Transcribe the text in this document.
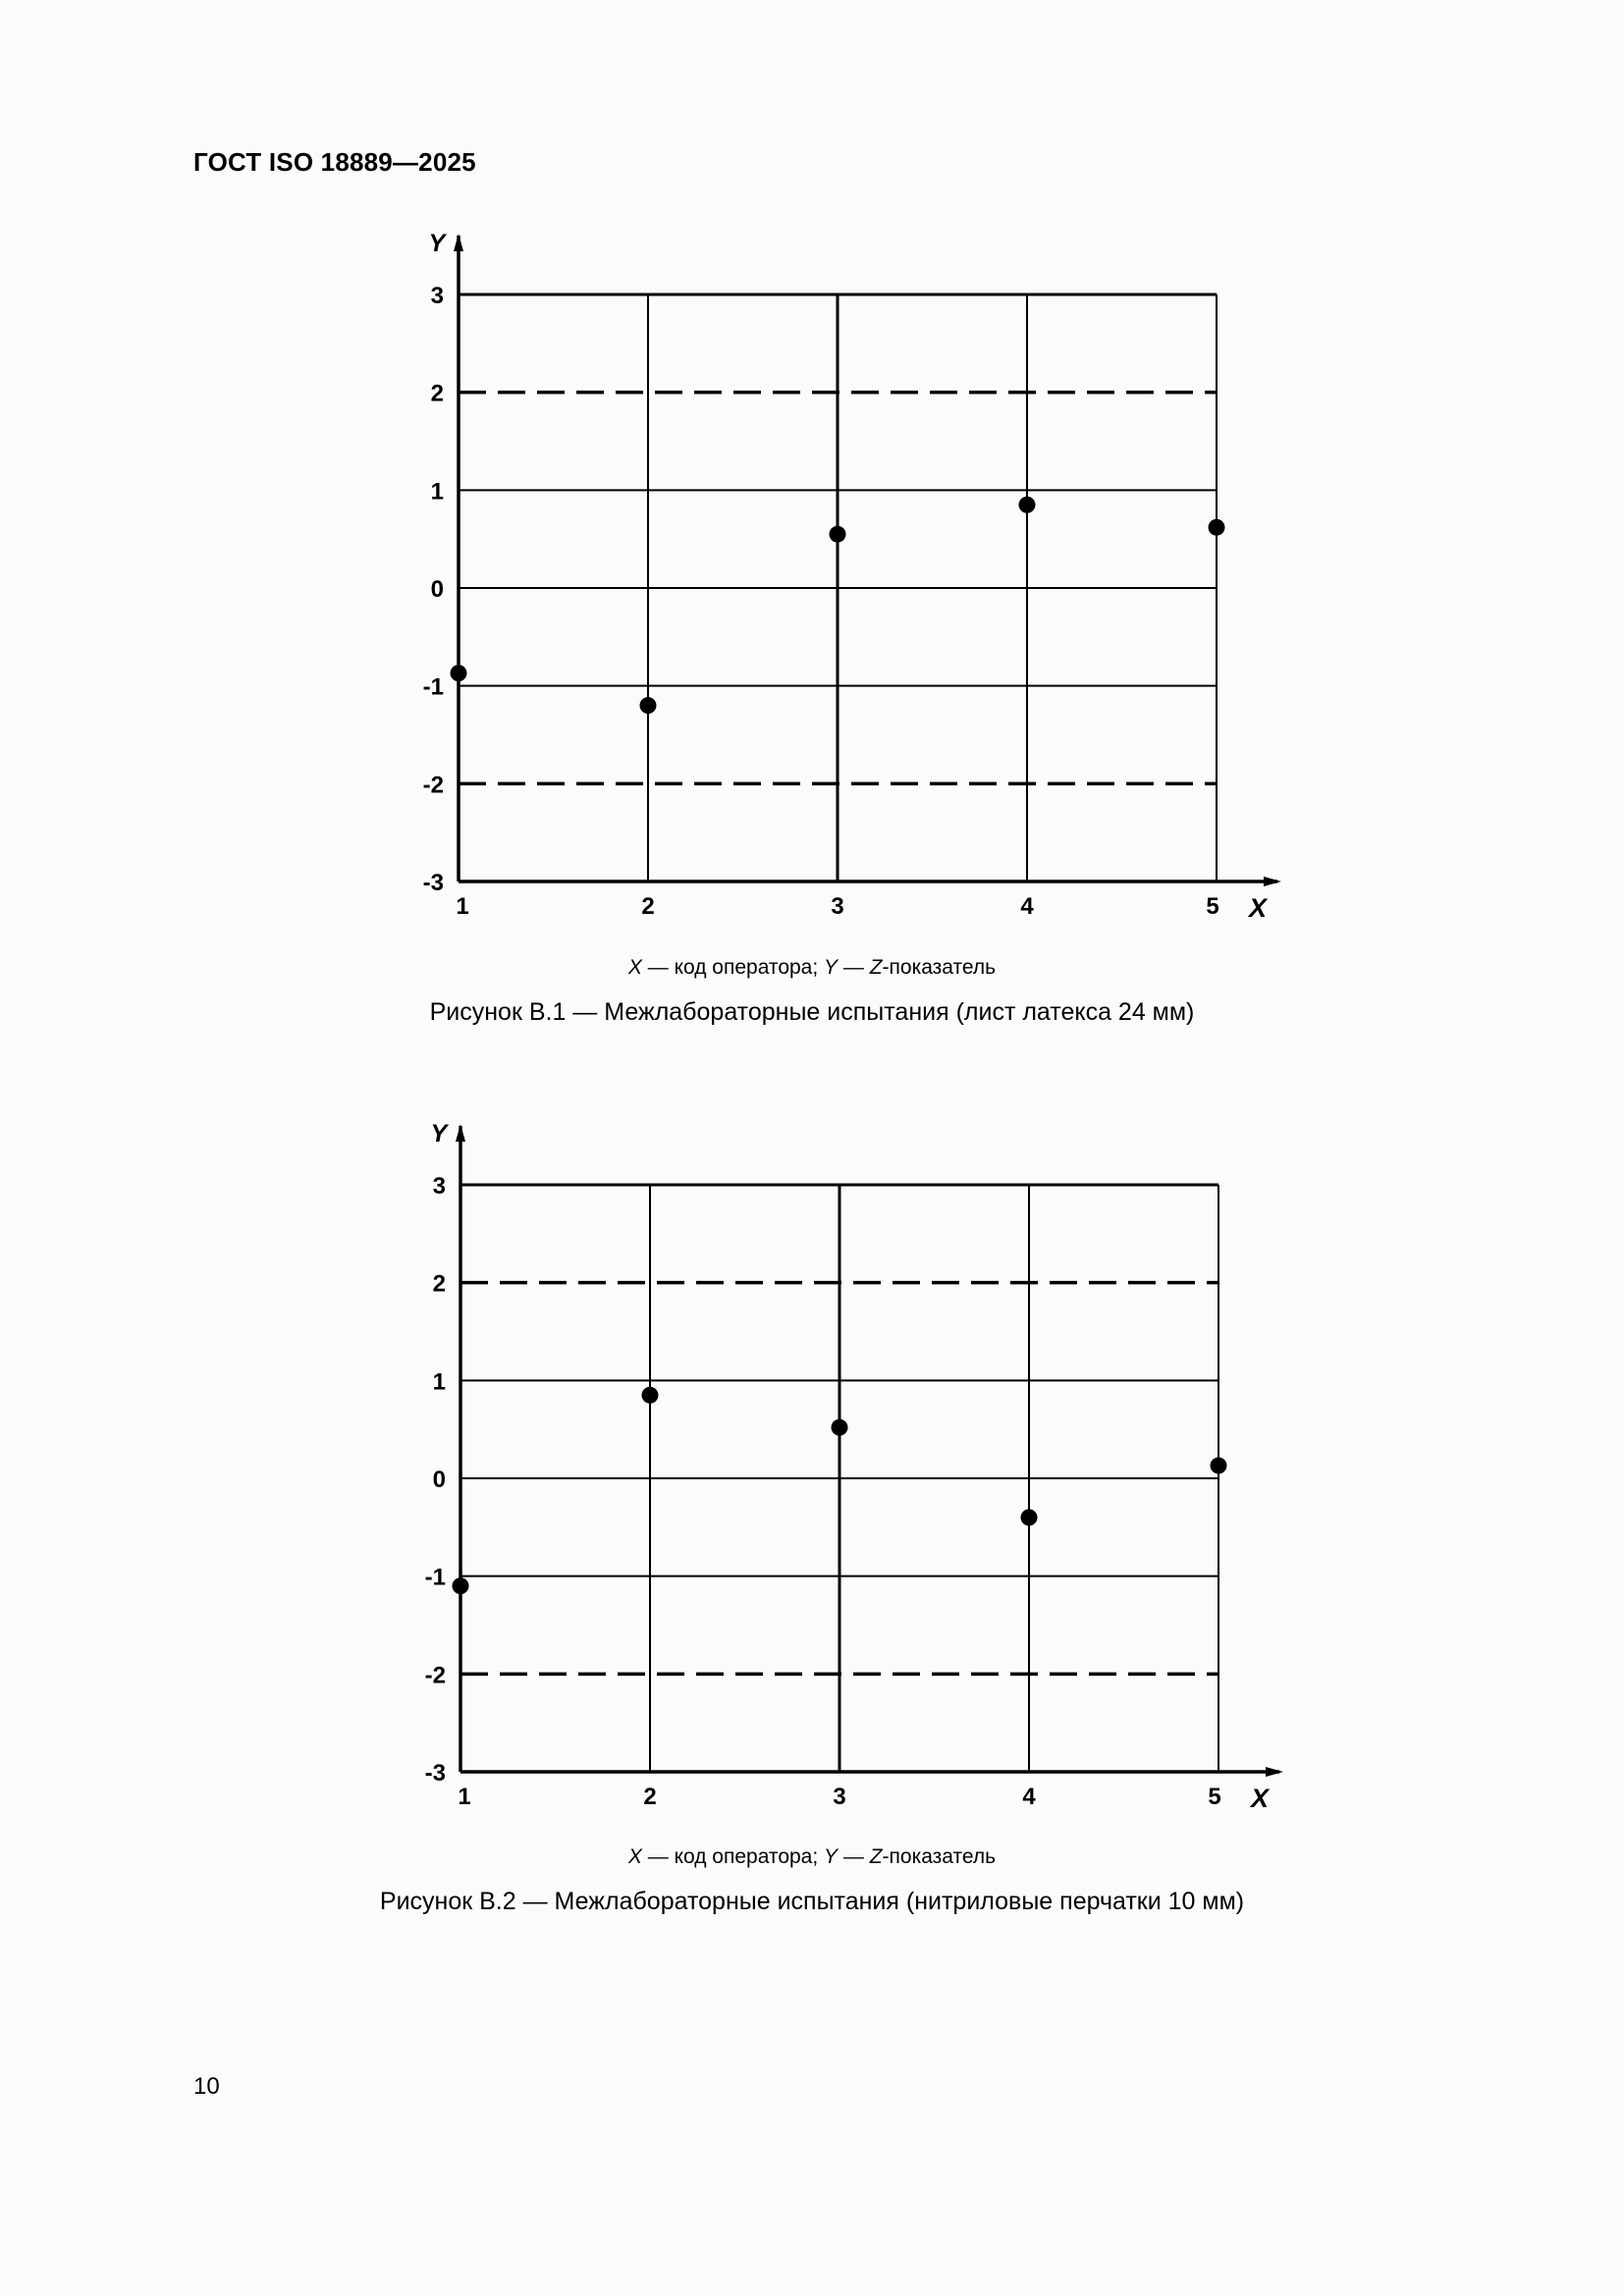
ГОСТ ISO 18889—2025
Y
X
3
2
1
0
-1
-2
-3
1	2	3	4	5
X — код оператора; Y — Z-показатель
Рисунок В.1 — Межлабораторные испытания (лист латекса 24 мм)
Y
X
3
2
1
0
-1
-2
-3
1	2	3	4	5
X — код оператора; Y — Z-показатель
Рисунок В.2 — Межлабораторные испытания (нитриловые перчатки 10 мм)
10
